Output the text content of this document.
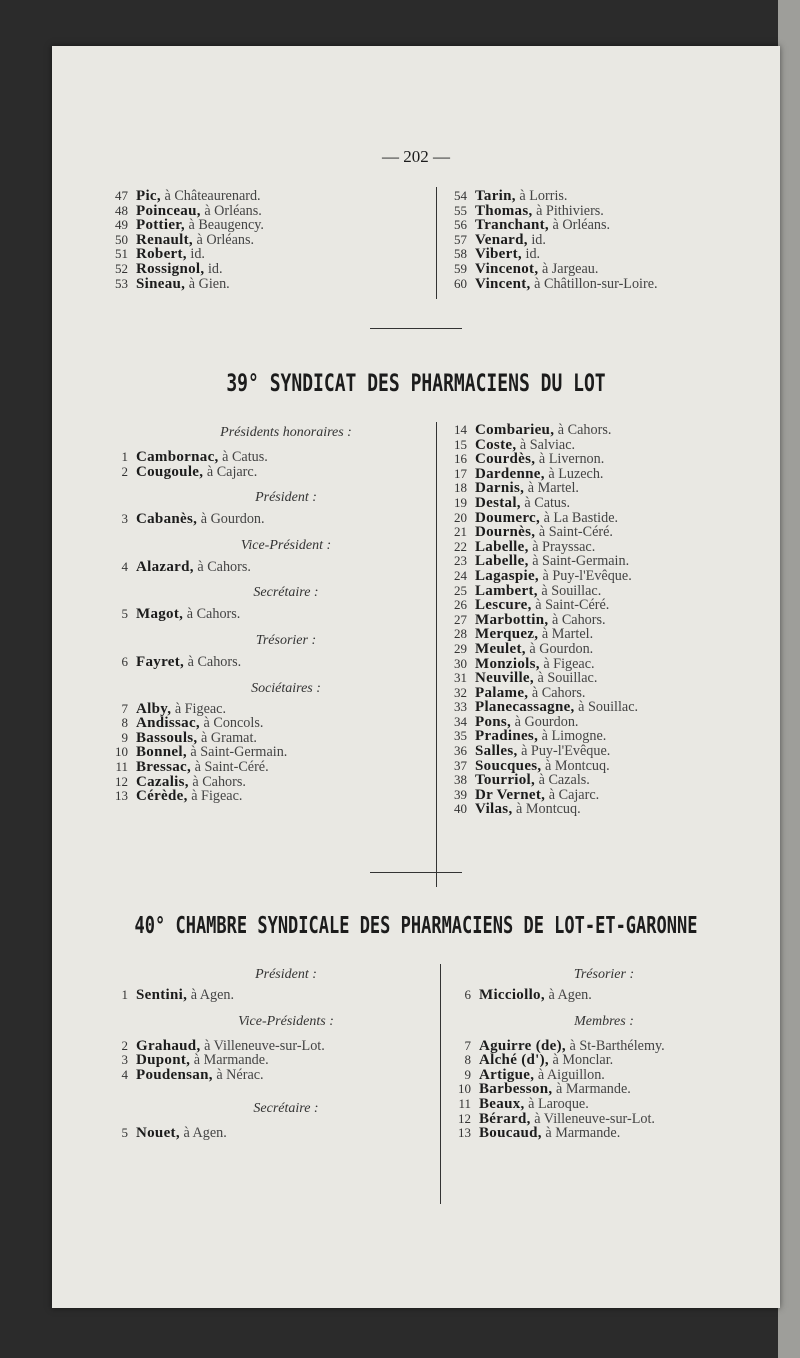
— 202 —
47 Pic, à Châteaurenard.
48 Poinceau, à Orléans.
49 Pottier, à Beaugency.
50 Renault, à Orléans.
51 Robert, id.
52 Rossignol, id.
53 Sineau, à Gien.
54 Tarin, à Lorris.
55 Thomas, à Pithiviers.
56 Tranchant, à Orléans.
57 Venard, id.
58 Vibert, id.
59 Vincenot, à Jargeau.
60 Vincent, à Châtillon-sur-Loire.
39° SYNDICAT DES PHARMACIENS DU LOT
Présidents honoraires :
1 Cambornac, à Catus.
2 Cougoule, à Cajarc.
Président :
3 Cabanès, à Gourdon.
Vice-Président :
4 Alazard, à Cahors.
Secrétaire :
5 Magot, à Cahors.
Trésorier :
6 Fayret, à Cahors.
Sociétaires :
7 Alby, à Figeac.
8 Andissac, à Concols.
9 Bassouls, à Gramat.
10 Bonnel, à Saint-Germain.
11 Bressac, à Saint-Céré.
12 Cazalis, à Cahors.
13 Cérède, à Figeac.
14 Combarieu, à Cahors.
15 Coste, à Salviac.
16 Courdès, à Livernon.
17 Dardenne, à Luzech.
18 Darnis, à Martel.
19 Destal, à Catus.
20 Doumerc, à La Bastide.
21 Dournès, à Saint-Céré.
22 Labelle, à Prayssac.
23 Labelle, à Saint-Germain.
24 Lagaspie, à Puy-l'Evêque.
25 Lambert, à Souillac.
26 Lescure, à Saint-Céré.
27 Marbottin, à Cahors.
28 Merquez, à Martel.
29 Meulet, à Gourdon.
30 Monziols, à Figeac.
31 Neuville, à Souillac.
32 Palame, à Cahors.
33 Planecassagne, à Souillac.
34 Pons, à Gourdon.
35 Pradines, à Limogne.
36 Salles, à Puy-l'Evêque.
37 Soucques, à Montcuq.
38 Tourriol, à Cazals.
39 Dr Vernet, à Cajarc.
40 Vilas, à Montcuq.
40° CHAMBRE SYNDICALE DES PHARMACIENS DE LOT-ET-GARONNE
Président :
1 Sentini, à Agen.
Vice-Présidents :
2 Grahaud, à Villeneuve-sur-Lot.
3 Dupont, à Marmande.
4 Poudensan, à Nérac.
Secrétaire :
5 Nouet, à Agen.
Trésorier :
6 Micciollo, à Agen.
Membres :
7 Aguirre (de), à St-Barthélemy.
8 Alché (d'), à Monclar.
9 Artigue, à Aiguillon.
10 Barbesson, à Marmande.
11 Beaux, à Laroque.
12 Bérard, à Villeneuve-sur-Lot.
13 Boucaud, à Marmande.
